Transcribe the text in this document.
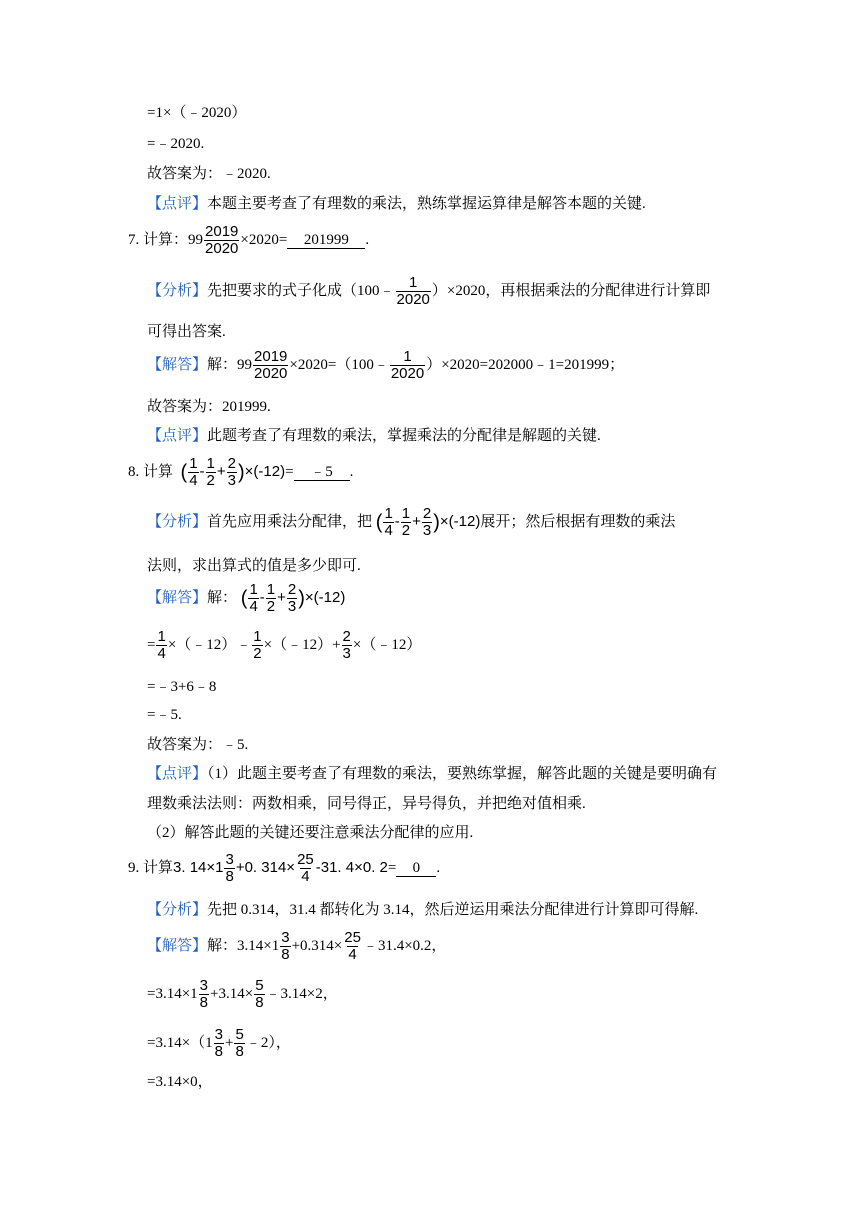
=1×（﹣2020）
=﹣2020.
故答案为：﹣2020.
【点评】本题主要考查了有理数的乘法，熟练掌握运算律是解答本题的关键.
7. 计算：$99 \frac{2019}{2020} \times 2020= 201999$ .
【分析】先把要求的式子化成（100﹣ $\frac{1}{2020} )\times 2020$，再根据乘法的分配律进行计算即
可得出答案.
【解答】解：$99 \frac{2019}{2020}$ ×2020=（100﹣ $\frac{1}{2020}$ ）×2020=202000﹣1=201999；
故答案为：201999.
【点评】此题考查了有理数的乘法，掌握乘法的分配律是解题的关键.
8. 计算 ( $\frac{1}{4} - \frac{1}{2} + \frac{2}{3} )\times(-12)=$ ﹣5 .
【分析】首先应用乘法分配律，把 ( $\frac{1}{4} - \frac{1}{2} + \frac{2}{3} )\times(-12)$展开；然后根据有理数的乘法
法则，求出算式的值是多少即可.
【解答】解： ( $\frac{1}{4} - \frac{1}{2} + \frac{2}{3} )\times(-12)$
= $\frac{1}{4}$ ×（﹣12）﹣ $\frac{1}{2}$ ×（﹣12）+ $\frac{2}{3}$ ×（﹣12）
=﹣3+6﹣8
=﹣5.
故答案为：﹣5.
【点评】（1）此题主要考查了有理数的乘法，要熟练掌握，解答此题的关键是要明确有
理数乘法法则：两数相乘，同号得正，异号得负，并把绝对值相乘.
（2）解答此题的关键还要注意乘法分配律的应用.
9. 计算3. $14\times 1 \frac{3}{8} +0$. $314\times \frac{25}{4} -31$. 4×0. 2= 0 .
【分析】先把 0.314，31.4 都转化为 3.14，然后逆运用乘法分配律进行计算即可得解.
【解答】解：$3.14\times 1 \frac{3}{8} +0.314\times \frac{25}{4}$ ﹣31.4×0.2，
$=3.14\times 1 \frac{3}{8} +3.14\times \frac{5}{8}$ ﹣3.14×2，
$=3.14\times(1 \frac{3}{8} + \frac{5}{8}$ ﹣2），
=3.14×0，
